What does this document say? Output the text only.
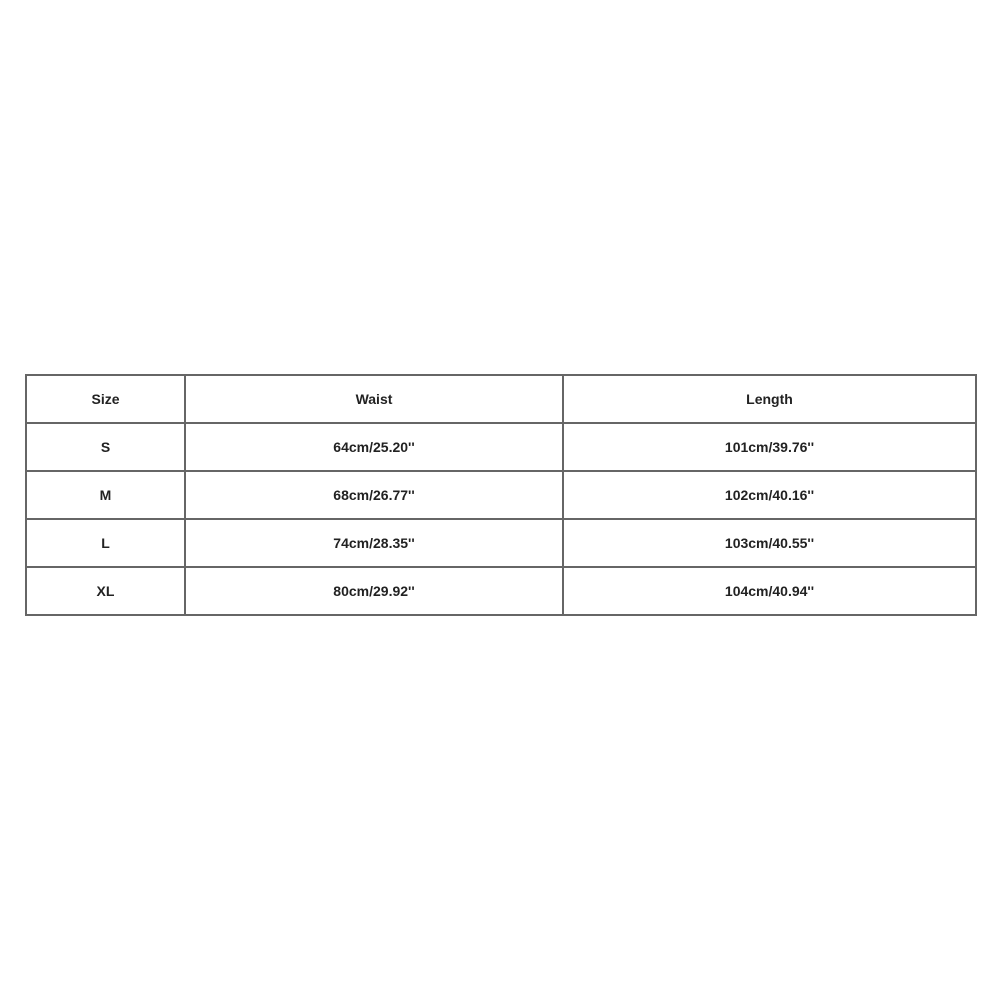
Size	Waist	Length
S	64cm/25.20''	101cm/39.76''
M	68cm/26.77''	102cm/40.16''
L	74cm/28.35''	103cm/40.55''
XL	80cm/29.92''	104cm/40.94''
